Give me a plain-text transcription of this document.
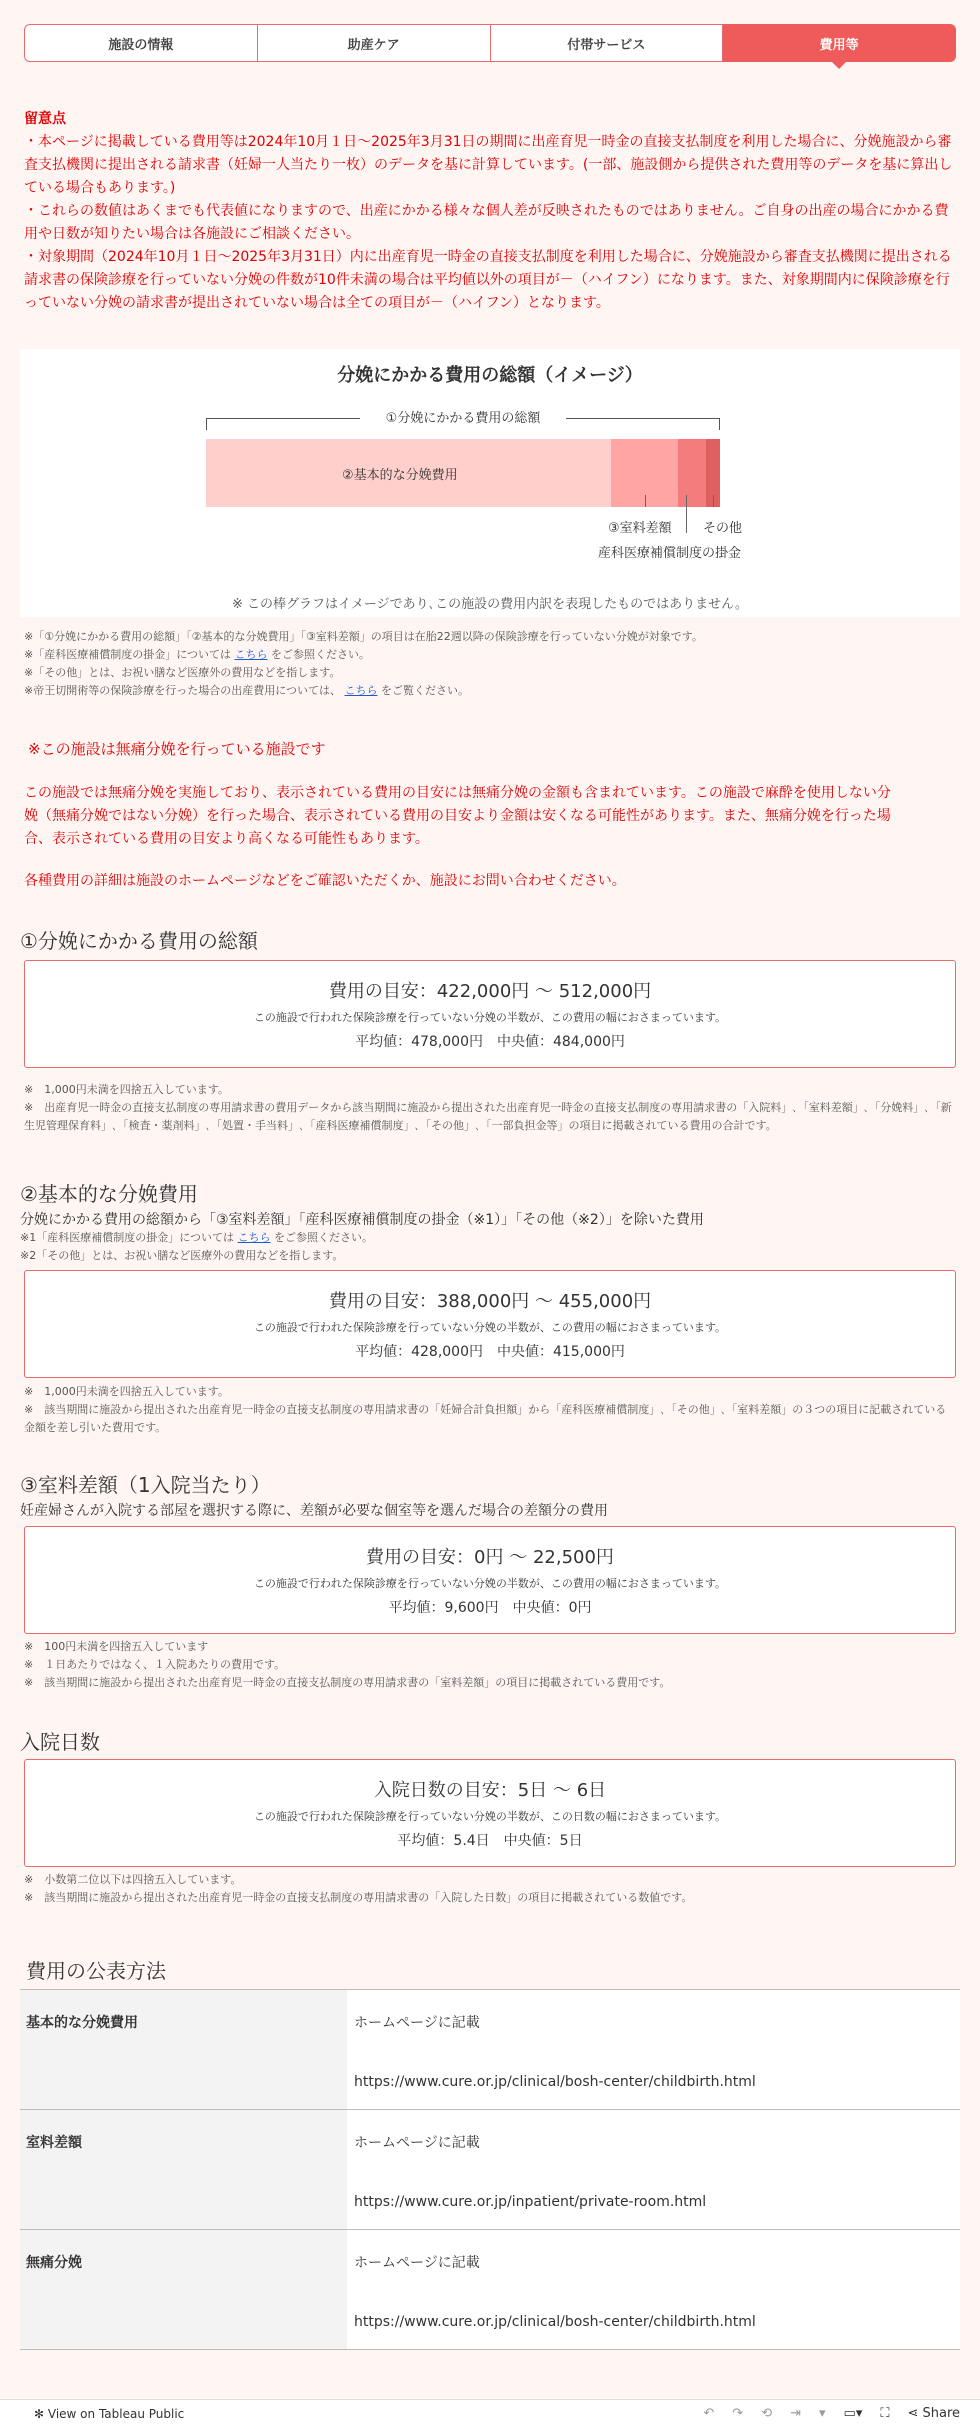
施設の情報	助産ケア	付帯サービス	費用等
留意点
・本ページに掲載している費用等は2024年10月１日〜2025年3月31日の期間に出産育児一時金の直接支払制度を利用した場合に、分娩施設から審査支払機関に提出される請求書（妊婦一人当たり一枚）のデータを基に計算しています。(一部、施設側から提供された費用等のデータを基に算出している場合もあります。)
・これらの数値はあくまでも代表値になりますので、出産にかかる様々な個人差が反映されたものではありません。ご自身の出産の場合にかかる費用や日数が知りたい場合は各施設にご相談ください。
・対象期間（2024年10月１日〜2025年3月31日）内に出産育児一時金の直接支払制度を利用した場合に、分娩施設から審査支払機関に提出される請求書の保険診療を行っていない分娩の件数が10件未満の場合は平均値以外の項目が－（ハイフン）になります。また、対象期間内に保険診療を行っていない分娩の請求書が提出されていない場合は全ての項目が－（ハイフン）となります。
分娩にかかる費用の総額（イメージ）
①分娩にかかる費用の総額
②基本的な分娩費用
③室料差額 その他
産科医療補償制度の掛金
※ この棒グラフはイメージであり､この施設の費用内訳を表現したものではありません。
※「①分娩にかかる費用の総額」「②基本的な分娩費用」「③室料差額」の項目は在胎22週以降の保険診療を行っていない分娩が対象です。
※「産科医療補償制度の掛金」については こちら をご参照ください。
※「その他」とは、お祝い膳など医療外の費用などを指します。
※帝王切開術等の保険診療を行った場合の出産費用については、 こちら をご覧ください。
※この施設は無痛分娩を行っている施設です
この施設では無痛分娩を実施しており、表示されている費用の目安には無痛分娩の金額も含まれています。この施設で麻酔を使用しない分娩（無痛分娩ではない分娩）を行った場合、表示されている費用の目安より金額は安くなる可能性があります。また、無痛分娩を行った場合、表示されている費用の目安より高くなる可能性もあります。
各種費用の詳細は施設のホームページなどをご確認いただくか、施設にお問い合わせください。
①分娩にかかる費用の総額
費用の目安：422,000円 〜 512,000円
この施設で行われた保険診療を行っていない分娩の半数が、この費用の幅におさまっています。
平均値：478,000円　中央値：484,000円
※　1,000円未満を四捨五入しています。
※　出産育児一時金の直接支払制度の専用請求書の費用データから該当期間に施設から提出された出産育児一時金の直接支払制度の専用請求書の「入院料」､「室料差額」､「分娩料」､「新生児管理保育料」､「検査・薬剤料」､「処置・手当料」､「産科医療補償制度」､「その他」､「一部負担金等」の項目に掲載されている費用の合計です。
②基本的な分娩費用
分娩にかかる費用の総額から「③室料差額」｢産科医療補償制度の掛金（※1）｣「その他（※2）」を除いた費用
※1「産科医療補償制度の掛金」については こちら をご参照ください。
※2「その他」とは、お祝い膳など医療外の費用などを指します。
費用の目安：388,000円 〜 455,000円
この施設で行われた保険診療を行っていない分娩の半数が、この費用の幅におさまっています。
平均値：428,000円　中央値：415,000円
※　1,000円未満を四捨五入しています。
※　該当期間に施設から提出された出産育児一時金の直接支払制度の専用請求書の「妊婦合計負担額」から「産科医療補償制度」､「その他」､「室料差額」の３つの項目に記載されている金額を差し引いた費用です。
③室料差額（1入院当たり）
妊産婦さんが入院する部屋を選択する際に、差額が必要な個室等を選んだ場合の差額分の費用
費用の目安：0円 〜 22,500円
この施設で行われた保険診療を行っていない分娩の半数が、この費用の幅におさまっています。
平均値：9,600円　中央値：0円
※　100円未満を四捨五入しています
※　１日あたりではなく、１入院あたりの費用です。
※　該当期間に施設から提出された出産育児一時金の直接支払制度の専用請求書の「室料差額」の項目に掲載されている費用です。
入院日数
入院日数の目安：5日 〜 6日
この施設で行われた保険診療を行っていない分娩の半数が、この日数の幅におさまっています。
平均値：5.4日　中央値：5日
※　小数第二位以下は四捨五入しています。
※　該当期間に施設から提出された出産育児一時金の直接支払制度の専用請求書の「入院した日数」の項目に掲載されている数値です。
費用の公表方法
基本的な分娩費用	ホームページに記載
https://www.cure.or.jp/clinical/bosh-center/childbirth.html
室料差額	ホームページに記載
https://www.cure.or.jp/inpatient/private-room.html
無痛分娩	ホームページに記載
https://www.cure.or.jp/clinical/bosh-center/childbirth.html
✻ View on Tableau Public	↶ ↷ ⟲ ⇥ ▾ ▭▾ ⛶ ⋖ Share
